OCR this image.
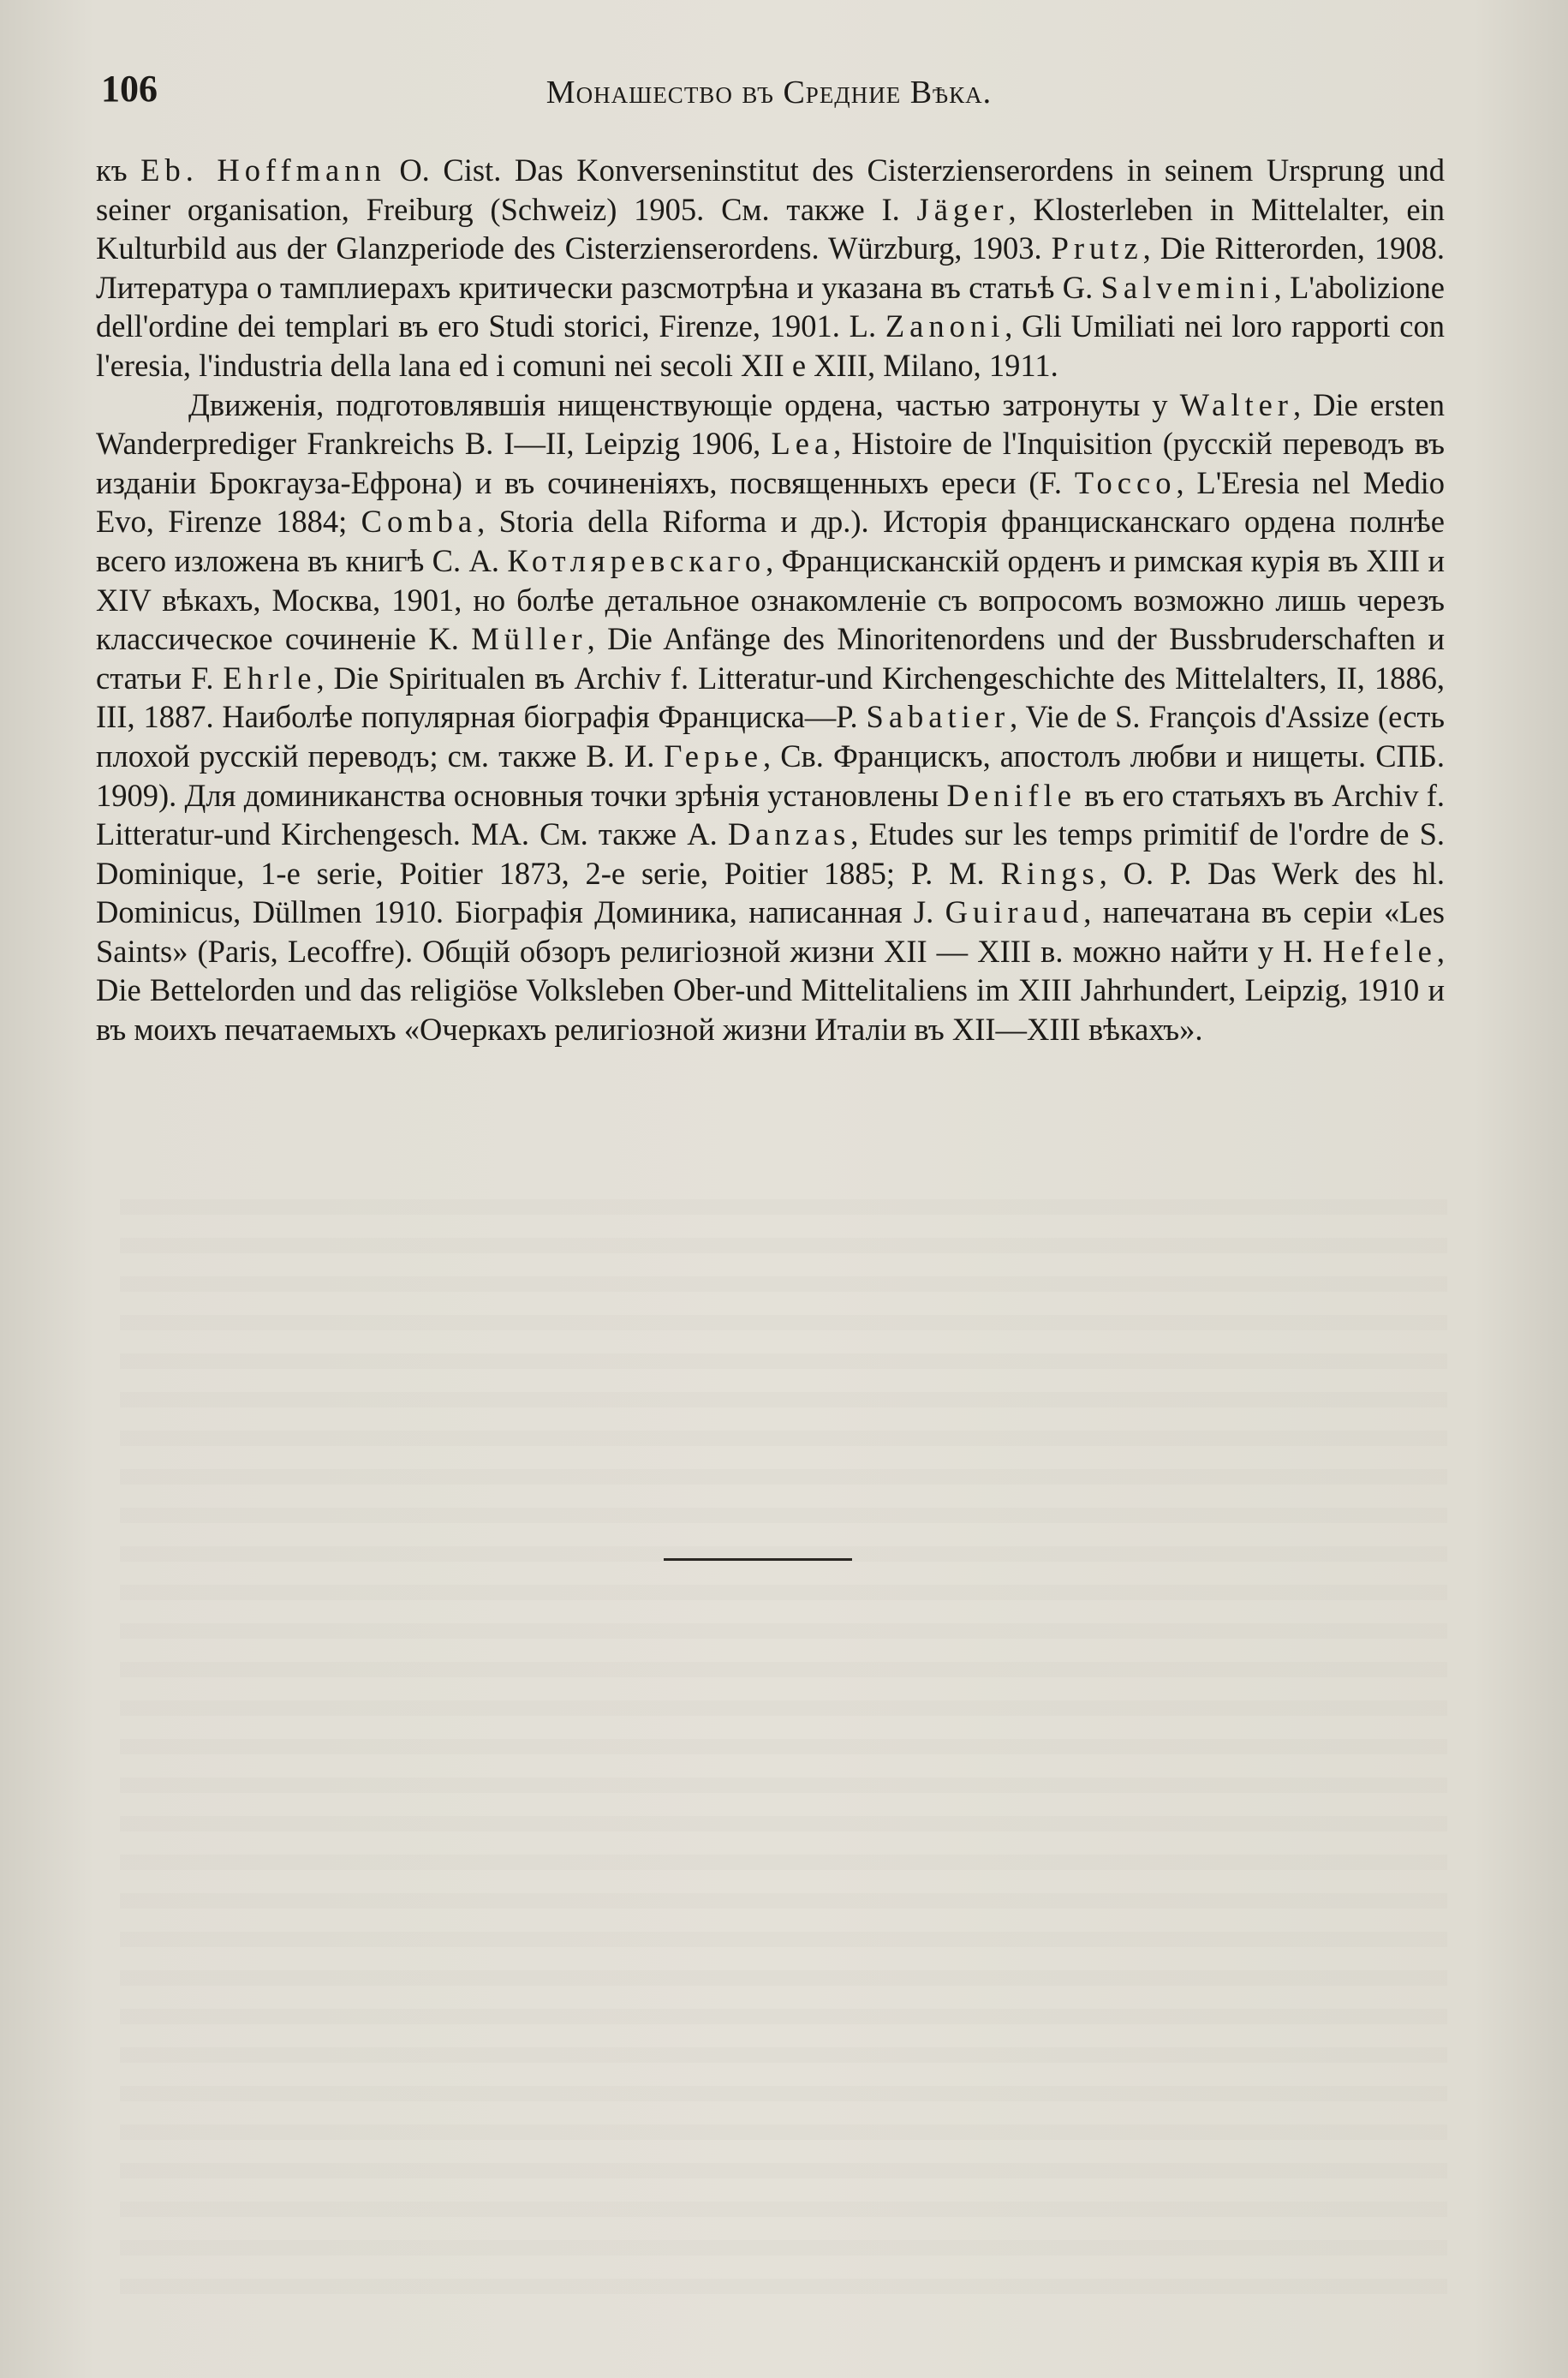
106	Монашество въ Средние Вѣка.

къ Eb. Hoffmann O. Cist. Das Konverseninstitut des Cisterzienserordens in seinem Ursprung und seiner organisation, Freiburg (Schweiz) 1905. См. также I. Jäger, Klosterleben in Mittelalter, ein Kulturbild aus der Glanzperiode des Cisterzienserordens. Würzburg, 1903. Prutz, Die Ritterorden, 1908. Литература о тамплиерахъ критически разсмотрѣна и указана въ статьѣ G. Salvemini, L'abolizione dell'ordine dei templari въ его Studi storici, Firenze, 1901. L. Zanoni, Gli Umiliati nei loro rapporti con l'eresia, l'industria della lana ed i comuni nei secoli XII e XIII, Milano, 1911.

Движенія, подготовлявшія нищенствующіе ордена, частью затронуты у Walter, Die ersten Wanderprediger Frankreichs B. I—II, Leipzig 1906, Lea, Histoire de l'Inquisition (русскій переводъ въ изданіи Брокгауза-Ефрона) и въ сочиненіяхъ, посвященныхъ ереси (F. Tocco, L'Eresia nel Medio Evo, Firenze 1884; Comba, Storia della Riforma и др.). Исторія францисканскаго ордена полнѣе всего изложена въ книгѣ С. А. Котляревскаго, Францисканскій орденъ и римская курія въ XIII и XIV вѣкахъ, Москва, 1901, но болѣе детальное ознакомленіе съ вопросомъ возможно лишь черезъ классическое сочиненіе K. Müller, Die Anfänge des Minoritenordens und der Bussbruderschaften и статьи F. Ehrle, Die Spiritualen въ Archiv f. Litteratur-und Kirchengeschichte des Mittelalters, II, 1886, III, 1887. Наиболѣе популярная біографія Франциска—P. Sabatier, Vie de S. François d'Assize (есть плохой русскій переводъ; см. также В. И. Герье, Св. Францискъ, апостолъ любви и нищеты. СПБ. 1909). Для доминиканства основныя точки зрѣнія установлены Denifle въ его статьяхъ въ Archiv f. Litteratur-und Kirchengesch. MA. См. также A. Danzas, Etudes sur les temps primitif de l'ordre de S. Dominique, 1-e serie, Poitier 1873, 2-e serie, Poitier 1885; P. M. Rings, O. P. Das Werk des hl. Dominicus, Düllmen 1910. Біографія Доминика, написанная J. Guiraud, напечатана въ серіи «Les Saints» (Paris, Lecoffre). Общій обзоръ религіозной жизни XII — XIII в. можно найти у H. Hefele, Die Bettelorden und das religiöse Volksleben Ober-und Mittelitaliens im XIII Jahrhundert, Leipzig, 1910 и въ моихъ печатаемыхъ «Очеркахъ религіозной жизни Италіи въ XII—XIII вѣкахъ».
